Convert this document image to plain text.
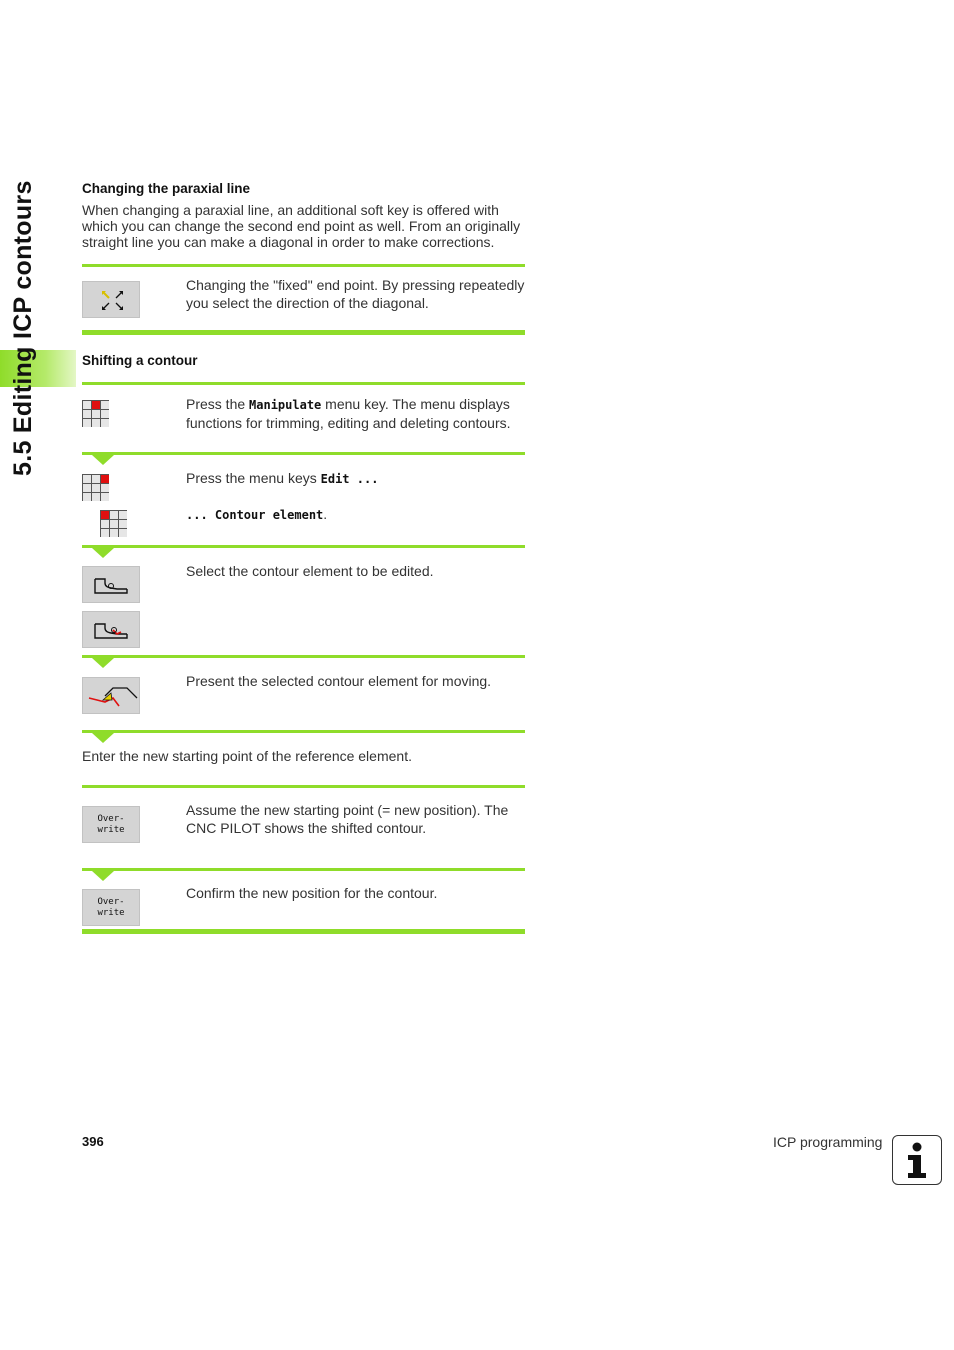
5.5 Editing ICP contours	Changing the paraxial line
When changing a paraxial line, an additional soft key is offered with which you can change the second end point as well. From an originally straight line you can make a diagonal in order to make corrections.
Changing the "fixed" end point. By pressing repeatedly you select the direction of the diagonal.
Shifting a contour
Press the Manipulate menu key. The menu displays functions for trimming, editing and deleting contours.
Press the menu keys Edit ...
... Contour element.
Select the contour element to be edited.
Present the selected contour element for moving.
Enter the new starting point of the reference element.
Over-
write
Assume the new starting point (= new position). The CNC PILOT shows the shifted contour.
Over-
write
Confirm the new position for the contour.
396	ICP programming
